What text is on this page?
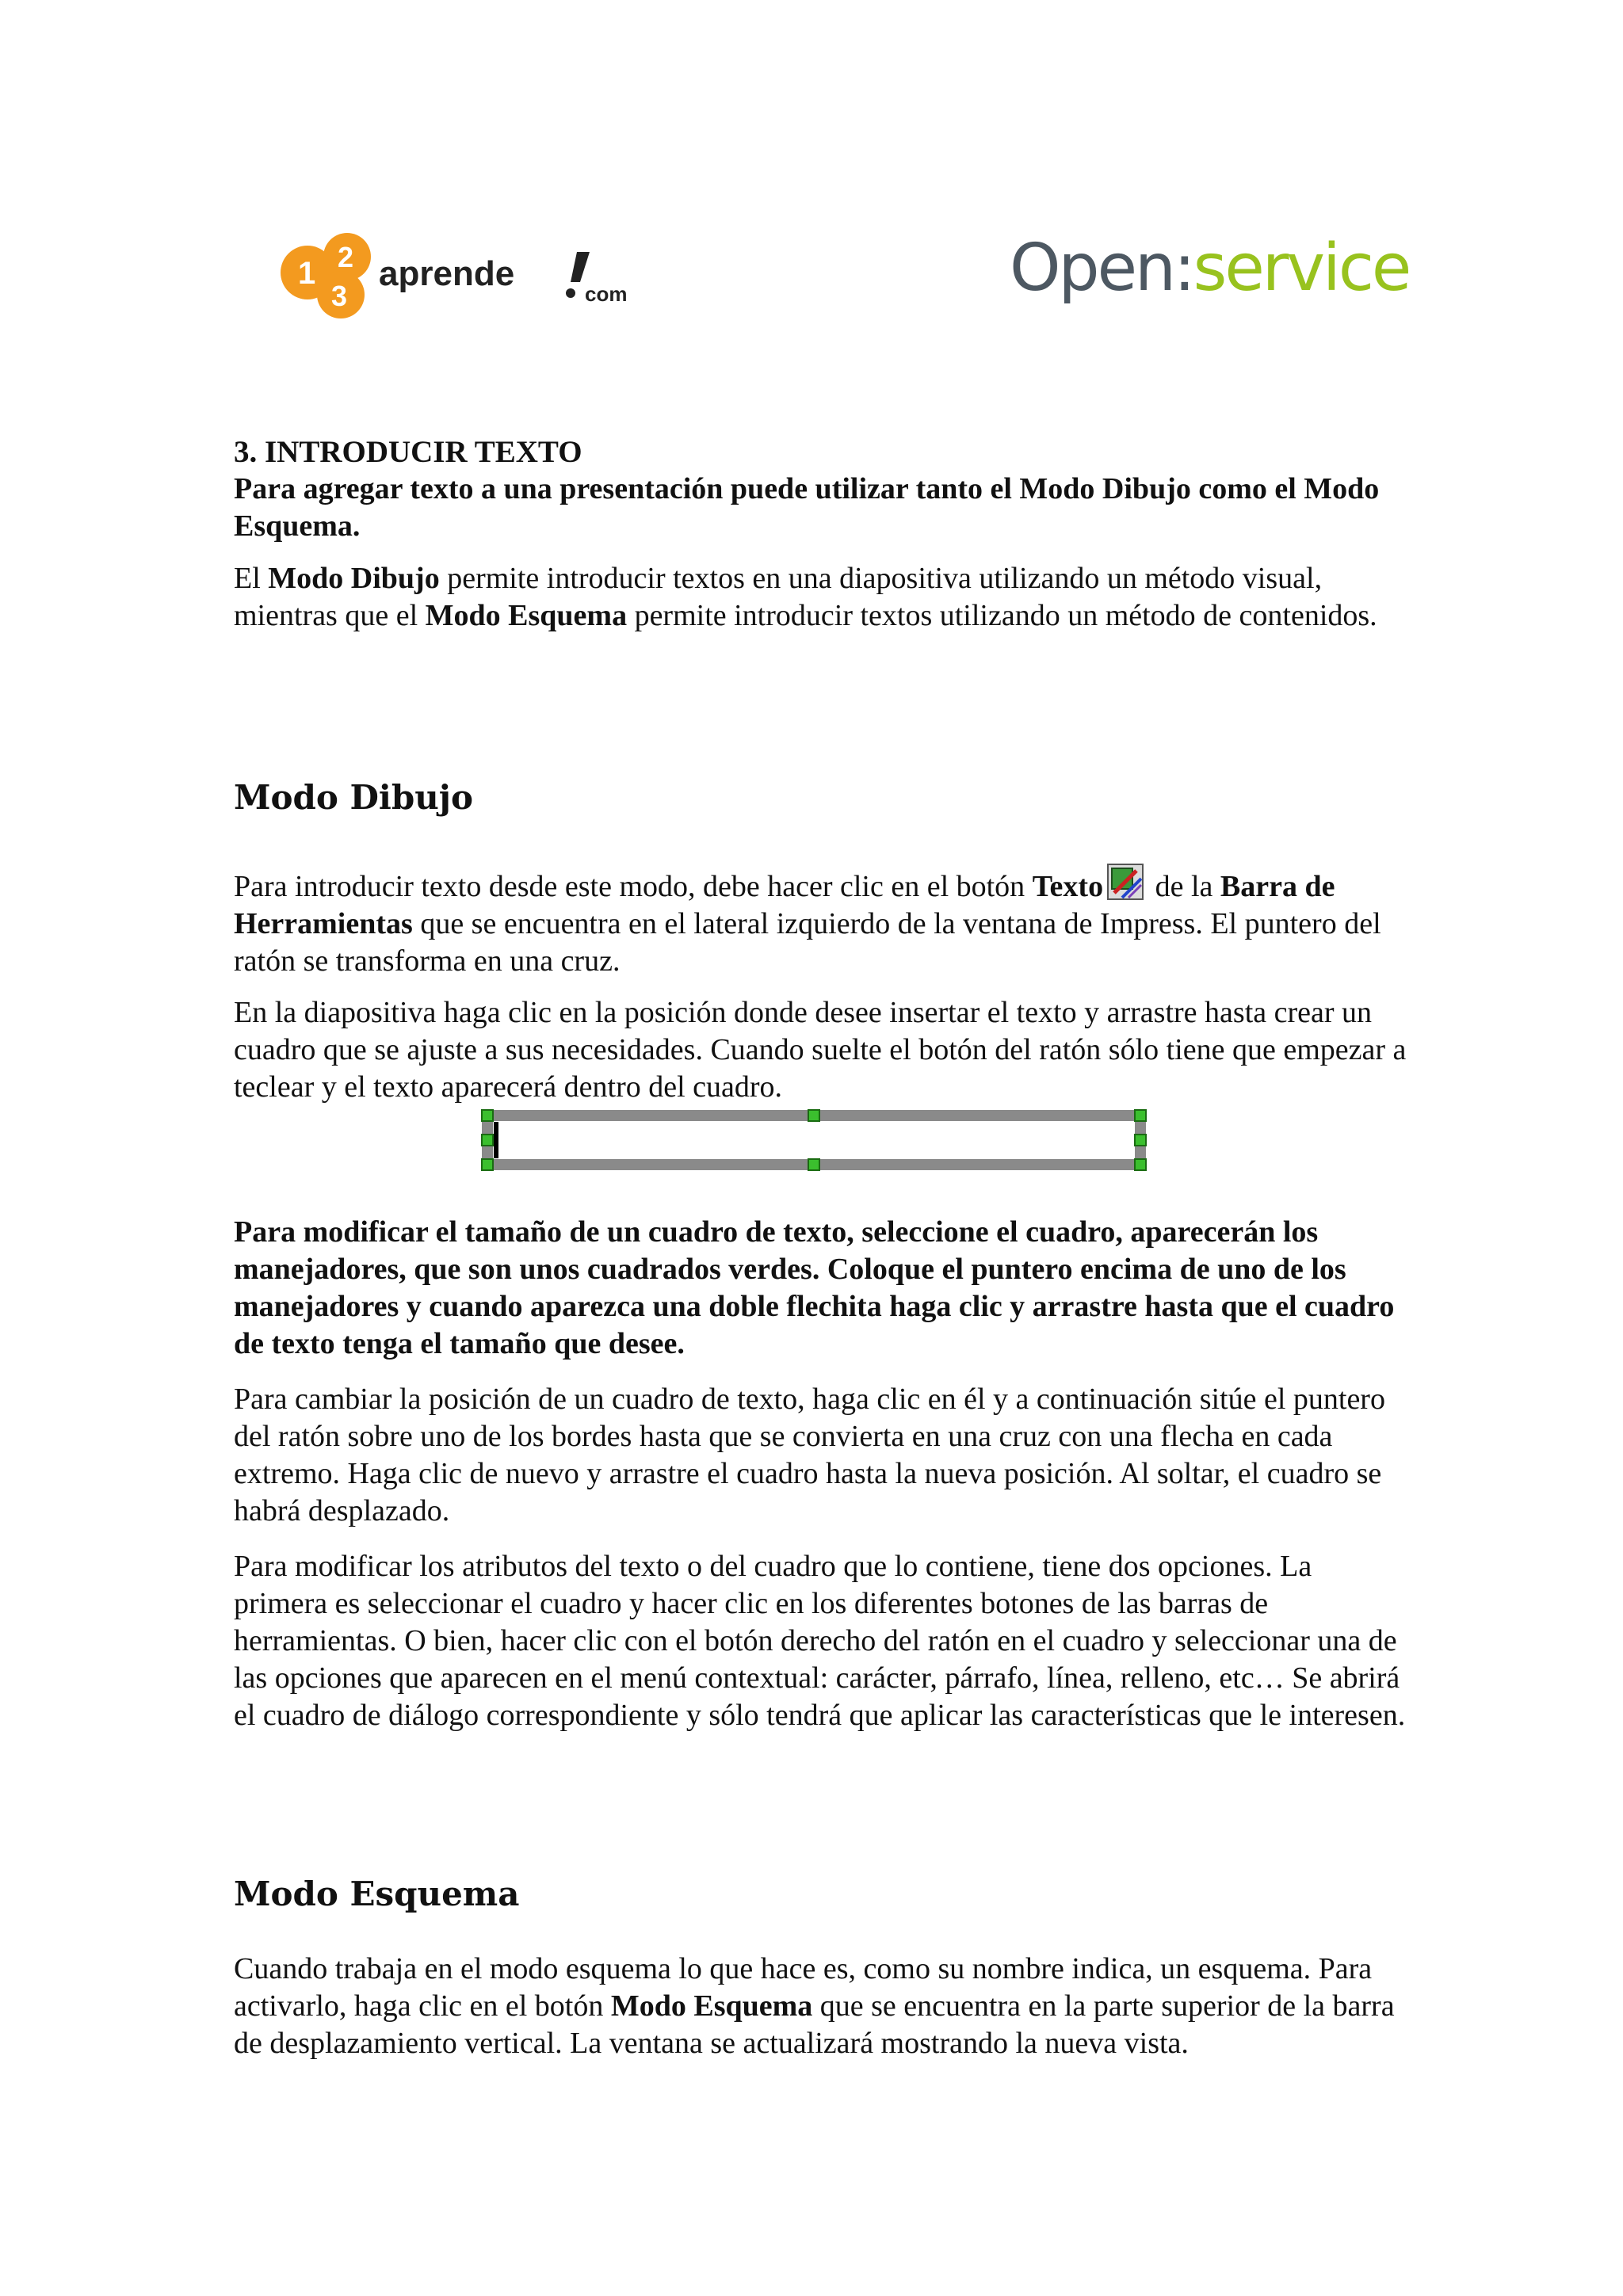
1 2
3
aprende
com	Open:service
3. INTRODUCIR TEXTO
Para agregar texto a una presentación puede utilizar tanto el Modo Dibujo como el Modo Esquema.

El Modo Dibujo permite introducir textos en una diapositiva utilizando un método visual, mientras que el Modo Esquema permite introducir textos utilizando un método de contenidos.

Modo Dibujo

Para introducir texto desde este modo, debe hacer clic en el botón Texto de la Barra de Herramientas que se encuentra en el lateral izquierdo de la ventana de Impress. El puntero del ratón se transforma en una cruz.

En la diapositiva haga clic en la posición donde desee insertar el texto y arrastre hasta crear un cuadro que se ajuste a sus necesidades. Cuando suelte el botón del ratón sólo tiene que empezar a teclear y el texto aparecerá dentro del cuadro.

Para modificar el tamaño de un cuadro de texto, seleccione el cuadro, aparecerán los manejadores, que son unos cuadrados verdes. Coloque el puntero encima de uno de los manejadores y cuando aparezca una doble flechita haga clic y arrastre hasta que el cuadro de texto tenga el tamaño que desee.

Para cambiar la posición de un cuadro de texto, haga clic en él y a continuación sitúe el puntero del ratón sobre uno de los bordes hasta que se convierta en una cruz con una flecha en cada extremo. Haga clic de nuevo y arrastre el cuadro hasta la nueva posición. Al soltar, el cuadro se habrá desplazado.

Para modificar los atributos del texto o del cuadro que lo contiene, tiene dos opciones. La primera es seleccionar el cuadro y hacer clic en los diferentes botones de las barras de herramientas. O bien, hacer clic con el botón derecho del ratón en el cuadro y seleccionar una de las opciones que aparecen en el menú contextual: carácter, párrafo, línea, relleno, etc… Se abrirá el cuadro de diálogo correspondiente y sólo tendrá que aplicar las características que le interesen.

Modo Esquema

Cuando trabaja en el modo esquema lo que hace es, como su nombre indica, un esquema. Para activarlo, haga clic en el botón Modo Esquema que se encuentra en la parte superior de la barra de desplazamiento vertical. La ventana se actualizará mostrando la nueva vista.
